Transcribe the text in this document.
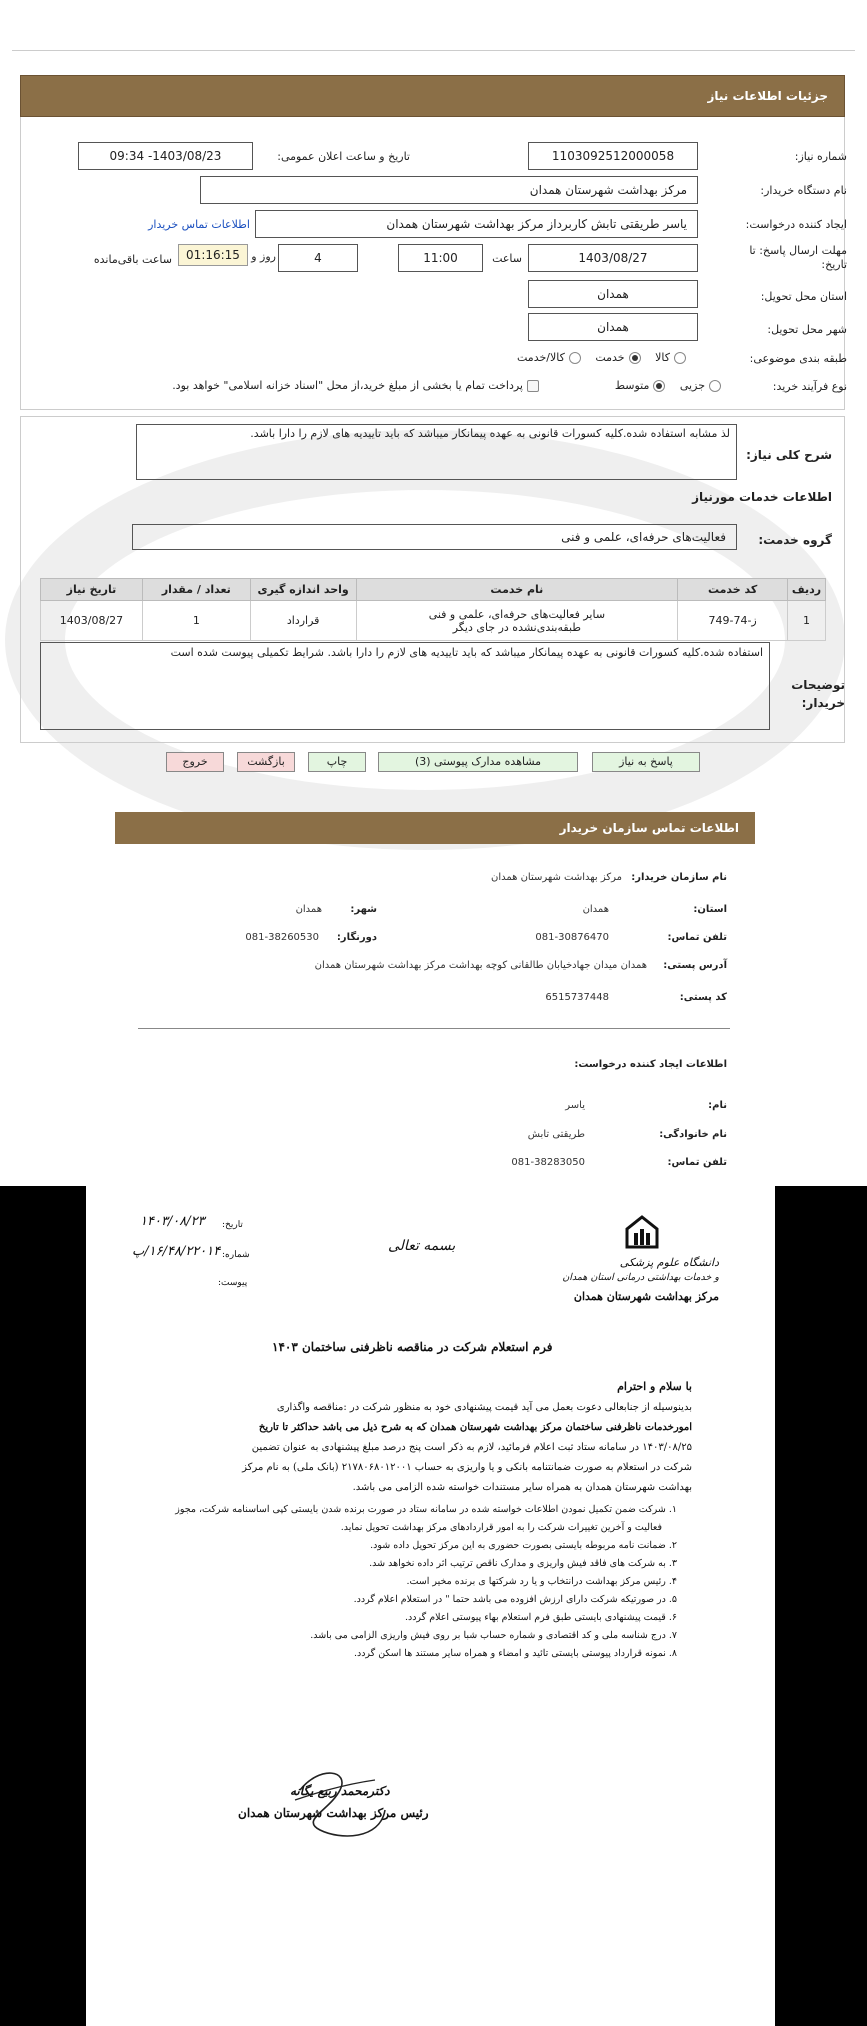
جزئیات اطلاعات نیاز
شماره نیاز:
1103092512000058
تاریخ و ساعت اعلان عمومی:
1403/08/23- 09:34
نام دستگاه خریدار:
مرکز بهداشت شهرستان همدان
ایجاد کننده درخواست:
یاسر طریقتی تابش کاربرداز مرکز بهداشت شهرستان همدان
اطلاعات تماس خریدار
مهلت ارسال پاسخ: تا تاریخ:
1403/08/27
ساعت
11:00
4
روز و
01:16:15
ساعت باقی‌مانده
استان محل تحویل:
همدان
شهر محل تحویل:
همدان
طبقه بندی موضوعی:
کالا   خدمت   کالا/خدمت
نوع فرآیند خرید:
جزیی   متوسط
پرداخت تمام یا بخشی از مبلغ خرید،از محل "اسناد خزانه اسلامی" خواهد بود.
شرح کلی نیاز:
لذ مشابه استفاده شده.کلیه کسورات قانونی به عهده پیمانکار میباشد که باید تاییدیه های لازم را دارا باشد.
اطلاعات خدمات مورنیاز
گروه خدمت:
فعالیت‌های حرفه‌ای، علمی و فنی
ردیف	کد خدمت	نام خدمت	واحد اندازه گیری	تعداد / مقدار	تاریخ نیاز
1	ز-74-749	سایر فعالیت‌های حرفه‌ای، علمی و فنی طبقه‌بندی‌نشده در جای دیگر	قرارداد	1	1403/08/27
توضیحات خریدار:
استفاده شده.کلیه کسورات قانونی به عهده پیمانکار میباشد که باید تاییدیه های لازم را دارا باشد. شرایط تکمیلی پیوست شده است
پاسخ به نیاز
مشاهده مدارک پیوستی (3)
چاپ
بازگشت
خروج
اطلاعات تماس سازمان خریدار
نام سازمان خریدار:
مرکز بهداشت شهرستان همدان
استان:
همدان
شهر:
همدان
تلفن تماس:
081-30876470
دورنگار:
081-38260530
آدرس پستی:
همدان میدان جهادخیابان طالقانی کوچه بهداشت مرکز بهداشت شهرستان همدان
کد پستی:
6515737448
اطلاعات ایجاد کننده درخواست:
نام:
یاسر
نام خانوادگی:
طریقتی تابش
تلفن تماس:
081-38283050
تاریخ:
۱۴۰۳/۰۸/۲۳
شماره:
۱۶/۴۸/۲۲۰۱۴/پ
پیوست:
بسمه تعالی
دانشگاه علوم پزشکی
و خدمات بهداشتی درمانی استان همدان
مرکز بهداشت شهرستان همدان
فرم استعلام شرکت در مناقصه ناظرفنی ساختمان ۱۴۰۳
با سلام و احترام
بدینوسیله از جنابعالی دعوت بعمل می آید قیمت پیشنهادی خود به منظور شرکت در :مناقصه واگذاری
امورخدمات ناظرفنی ساختمان مرکز بهداشت شهرستان همدان که به شرح ذیل می باشد حداکثر تا تاریخ
۱۴۰۳/۰۸/۲۵ در سامانه ستاد ثبت اعلام فرمائید، لازم به ذکر است پنج درصد مبلغ پیشنهادی به عنوان تضمین
شرکت در استعلام به صورت ضمانتنامه بانکی و یا واریزی به حساب ۲۱۷۸۰۶۸۰۱۲۰۰۱ (بانک ملی) به نام مرکز
بهداشت شهرستان همدان به همراه سایر مستندات خواسته شده الزامی می باشد.
۱. شرکت ضمن تکمیل نمودن اطلاعات خواسته شده در سامانه ستاد در صورت برنده شدن بایستی کپی اساسنامه شرکت، مجوز
فعالیت و آخرین تغییرات شرکت را به امور قراردادهای مرکز بهداشت تحویل نماید.
۲. ضمانت نامه مربوطه بایستی بصورت حضوری به این مرکز تحویل داده شود.
۳. به شرکت های فاقد فیش واریزی و مدارک ناقص ترتیب اثر داده نخواهد شد.
۴. رئیس مرکز بهداشت درانتخاب و یا رد شرکتها ی برنده مخیر است.
۵. در صورتیکه شرکت دارای ارزش افزوده می باشد حتما " در استعلام اعلام گردد.
۶. قیمت پیشنهادی بایستی طبق فرم استعلام بهاء پیوستی اعلام گردد.
۷. درج شناسه ملی و کد اقتصادی و شماره حساب شبا بر روی فیش واریزی الزامی می باشد.
۸. نمونه قرارداد پیوستی بایستی تائید و امضاء و همراه سایر مستند ها اسکن گردد.
دکترمحمد ربیع یگانه
رئیس مرکز بهداشت شهرستان همدان
